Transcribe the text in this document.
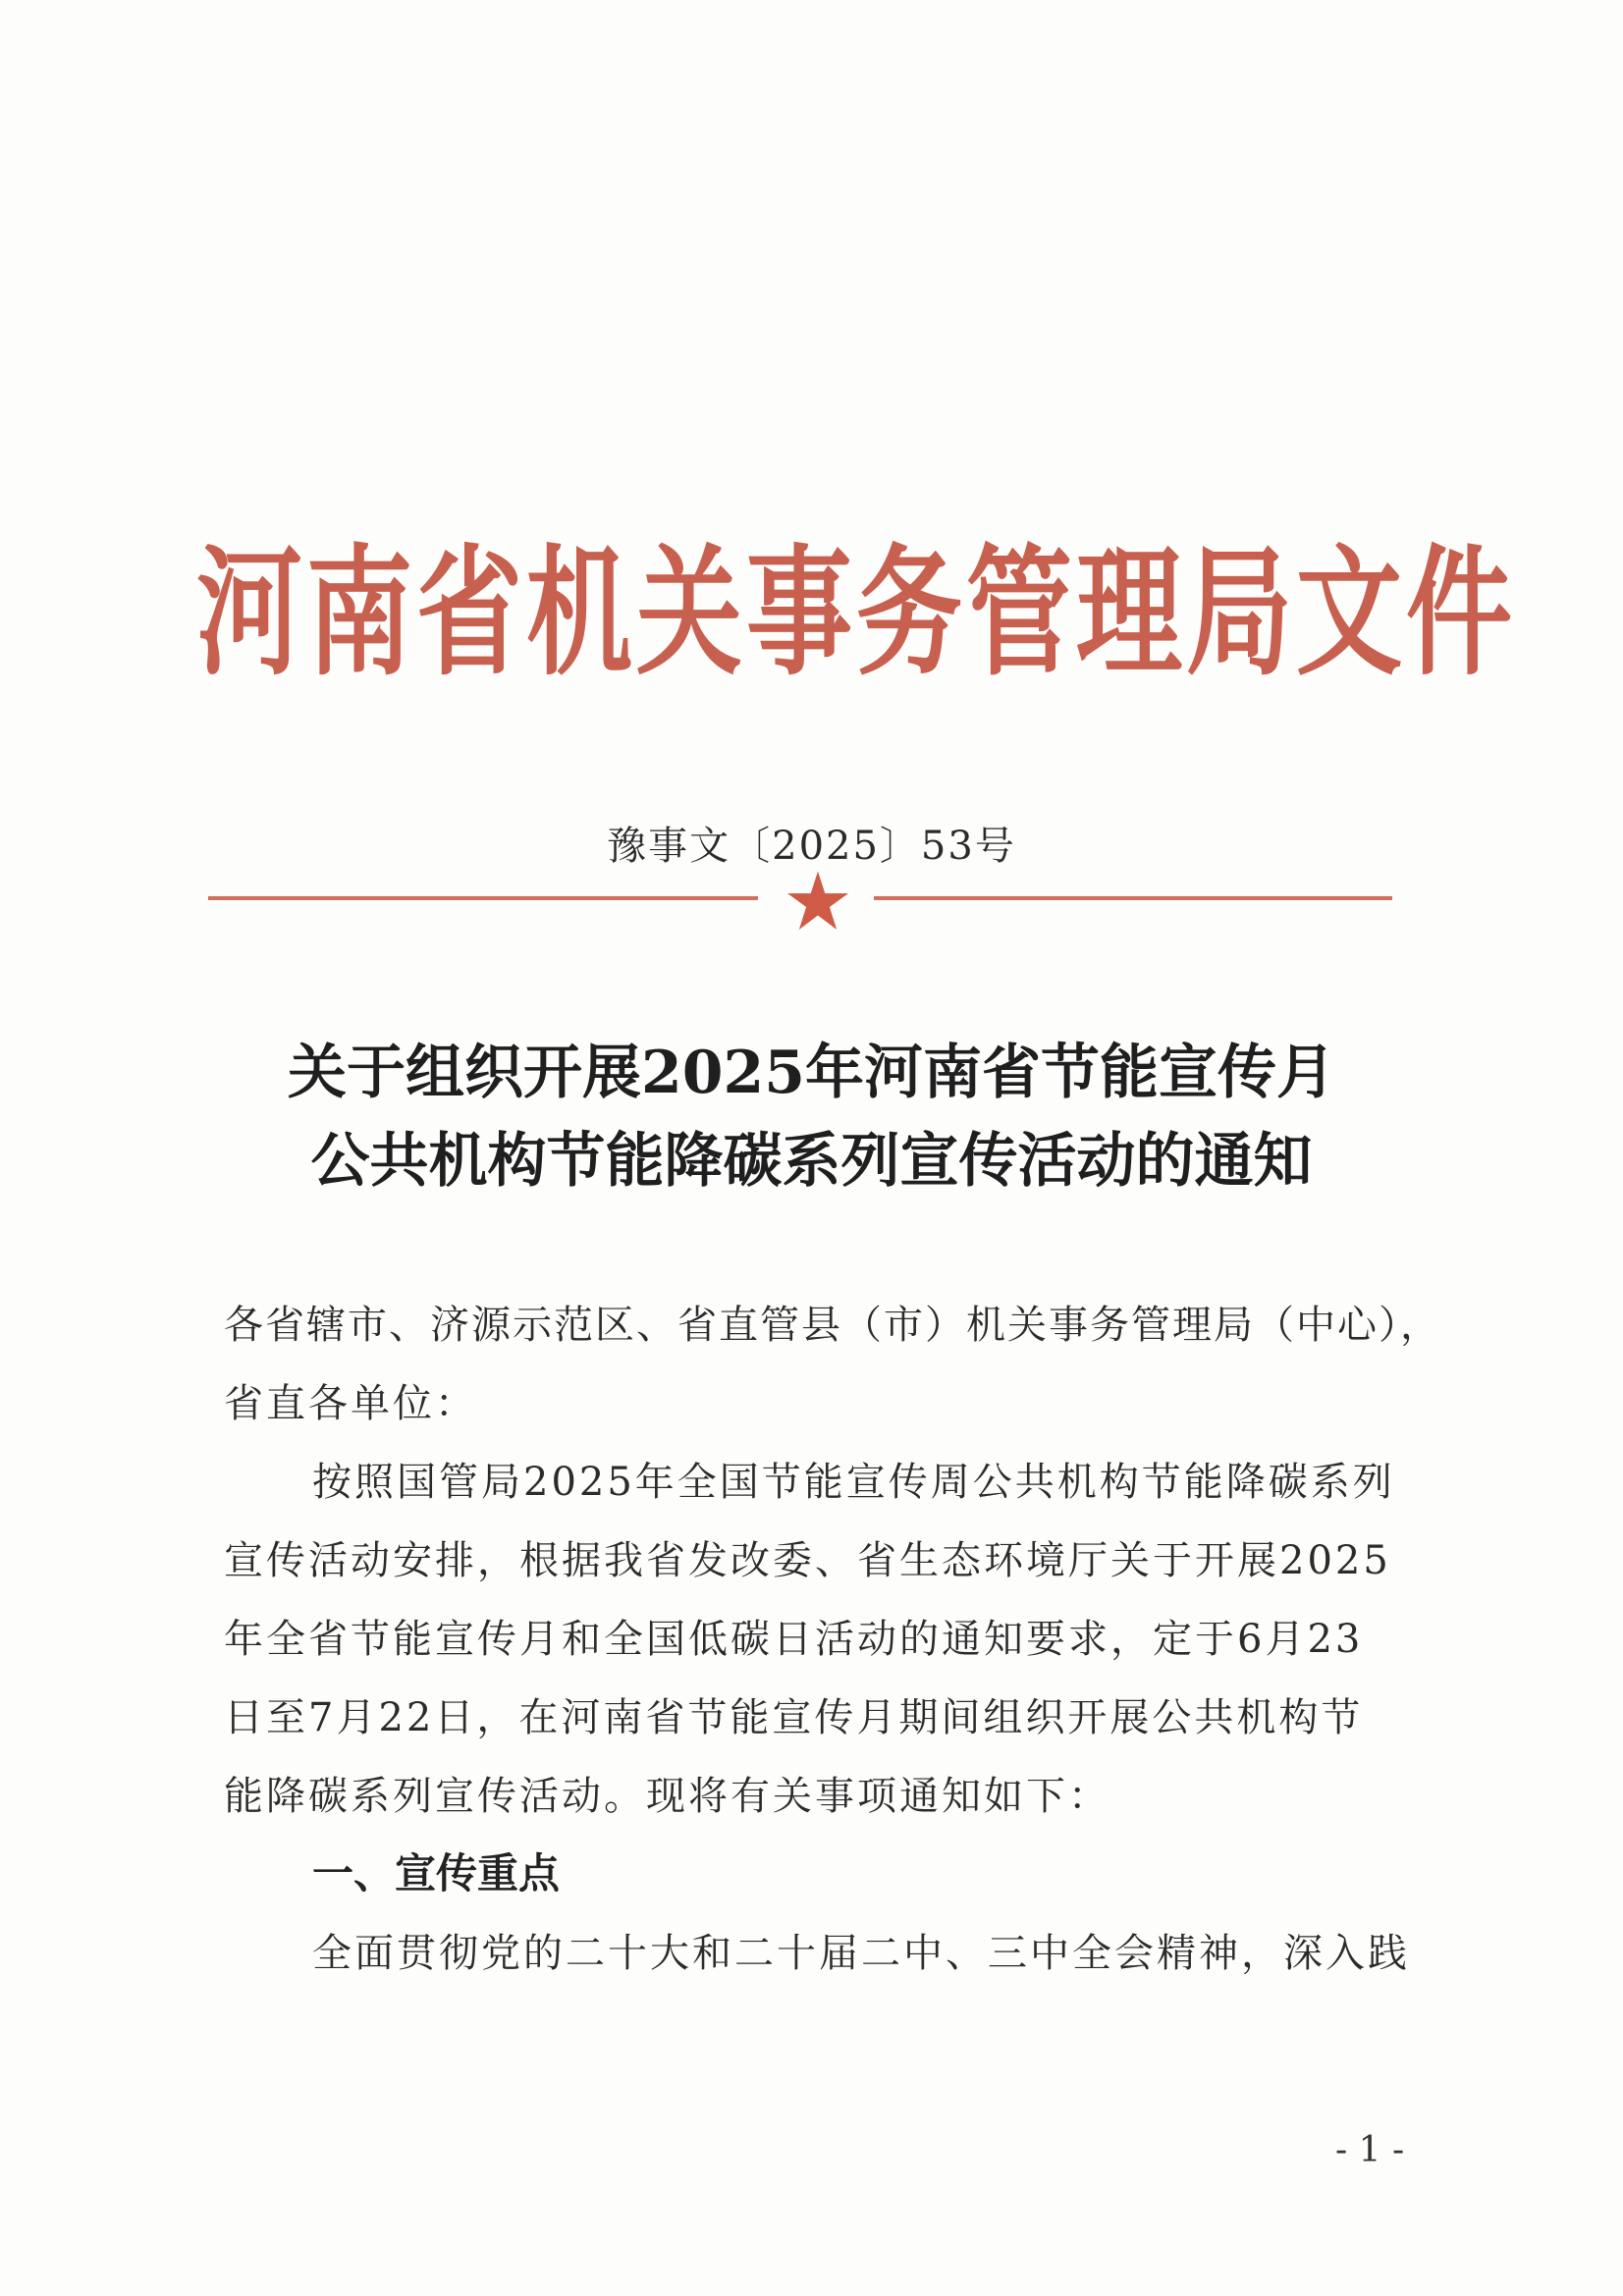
河南省机关事务管理局文件
豫事文〔2025〕53号
关于组织开展2025年河南省节能宣传月
公共机构节能降碳系列宣传活动的通知
各省辖市、济源示范区、省直管县（市）机关事务管理局（中心），
省直各单位：
按照国管局2025年全国节能宣传周公共机构节能降碳系列
宣传活动安排，根据我省发改委、省生态环境厅关于开展2025
年全省节能宣传月和全国低碳日活动的通知要求，定于6月23
日至7月22日，在河南省节能宣传月期间组织开展公共机构节
能降碳系列宣传活动。现将有关事项通知如下：
一、宣传重点
全面贯彻党的二十大和二十届二中、三中全会精神，深入践
- 1 -
